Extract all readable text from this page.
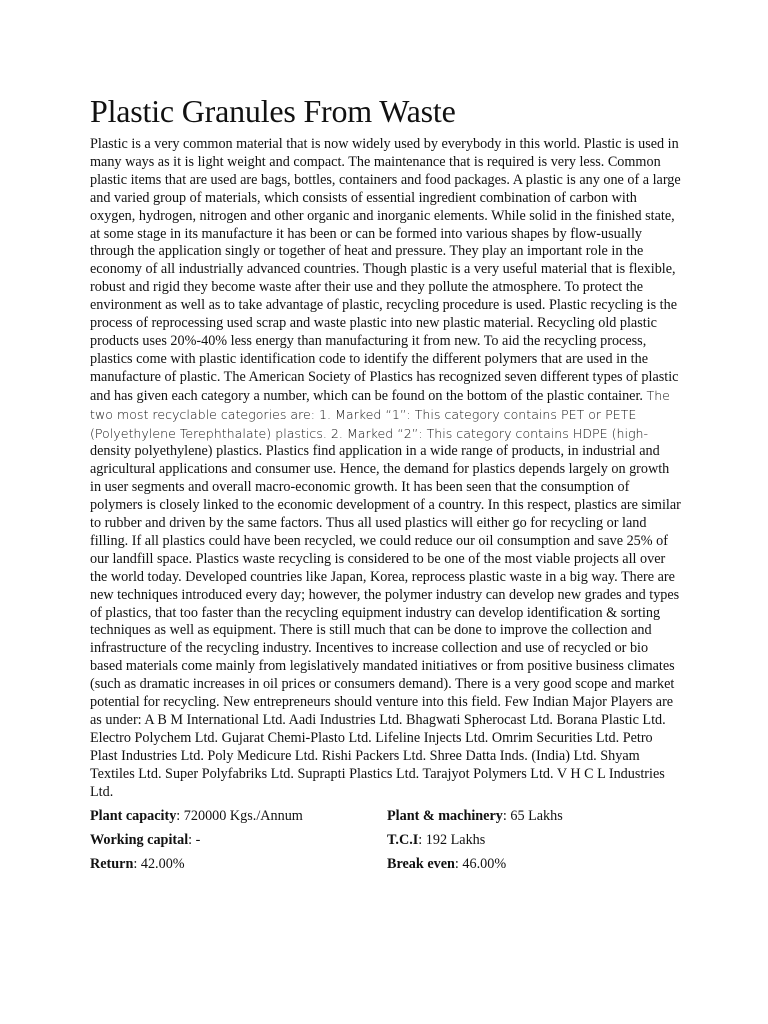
Plastic Granules From Waste

Plastic is a very common material that is now widely used by everybody in this world. Plastic is used in many ways as it is light weight and compact. The maintenance that is required is very less. Common plastic items that are used are bags, bottles, containers and food packages. A plastic is any one of a large and varied group of materials, which consists of essential ingredient combination of carbon with oxygen, hydrogen, nitrogen and other organic and inorganic elements. While solid in the finished state, at some stage in its manufacture it has been or can be formed into various shapes by flow-usually through the application singly or together of heat and pressure. They play an important role in the economy of all industrially advanced countries. Though plastic is a very useful material that is flexible, robust and rigid they become waste after their use and they pollute the atmosphere. To protect the environment as well as to take advantage of plastic, recycling procedure is used. Plastic recycling is the process of reprocessing used scrap and waste plastic into new plastic material. Recycling old plastic products uses 20%-40% less energy than manufacturing it from new. To aid the recycling process, plastics come with plastic identification code to identify the different polymers that are used in the manufacture of plastic. The American Society of Plastics has recognized seven different types of plastic and has given each category a number, which can be found on the bottom of the plastic container. The two most recyclable categories are: 1. Marked “1”: This category contains PET or PETE (Polyethylene Terephthalate) plastics. 2. Marked “2”: This category contains HDPE (high-density polyethylene) plastics. Plastics find application in a wide range of products, in industrial and agricultural applications and consumer use. Hence, the demand for plastics depends largely on growth in user segments and overall macro-economic growth. It has been seen that the consumption of polymers is closely linked to the economic development of a country. In this respect, plastics are similar to rubber and driven by the same factors. Thus all used plastics will either go for recycling or land filling. If all plastics could have been recycled, we could reduce our oil consumption and save 25% of our landfill space. Plastics waste recycling is considered to be one of the most viable projects all over the world today. Developed countries like Japan, Korea, reprocess plastic waste in a big way. There are new techniques introduced every day; however, the polymer industry can develop new grades and types of plastics, that too faster than the recycling equipment industry can develop identification & sorting techniques as well as equipment. There is still much that can be done to improve the collection and infrastructure of the recycling industry. Incentives to increase collection and use of recycled or bio based materials come mainly from legislatively mandated initiatives or from positive business climates (such as dramatic increases in oil prices or consumers demand). There is a very good scope and market potential for recycling. New entrepreneurs should venture into this field. Few Indian Major Players are as under: A B M International Ltd. Aadi Industries Ltd. Bhagwati Spherocast Ltd. Borana Plastic Ltd. Electro Polychem Ltd. Gujarat Chemi-Plasto Ltd. Lifeline Injects Ltd. Omrim Securities Ltd. Petro Plast Industries Ltd. Poly Medicure Ltd. Rishi Packers Ltd. Shree Datta Inds. (India) Ltd. Shyam Textiles Ltd. Super Polyfabriks Ltd. Suprapti Plastics Ltd. Tarajyot Polymers Ltd. V H C L Industries Ltd.

Plant capacity: 720000 Kgs./Annum	Plant & machinery: 65 Lakhs
Working capital: -	T.C.I: 192 Lakhs
Return: 42.00%	Break even: 46.00%
